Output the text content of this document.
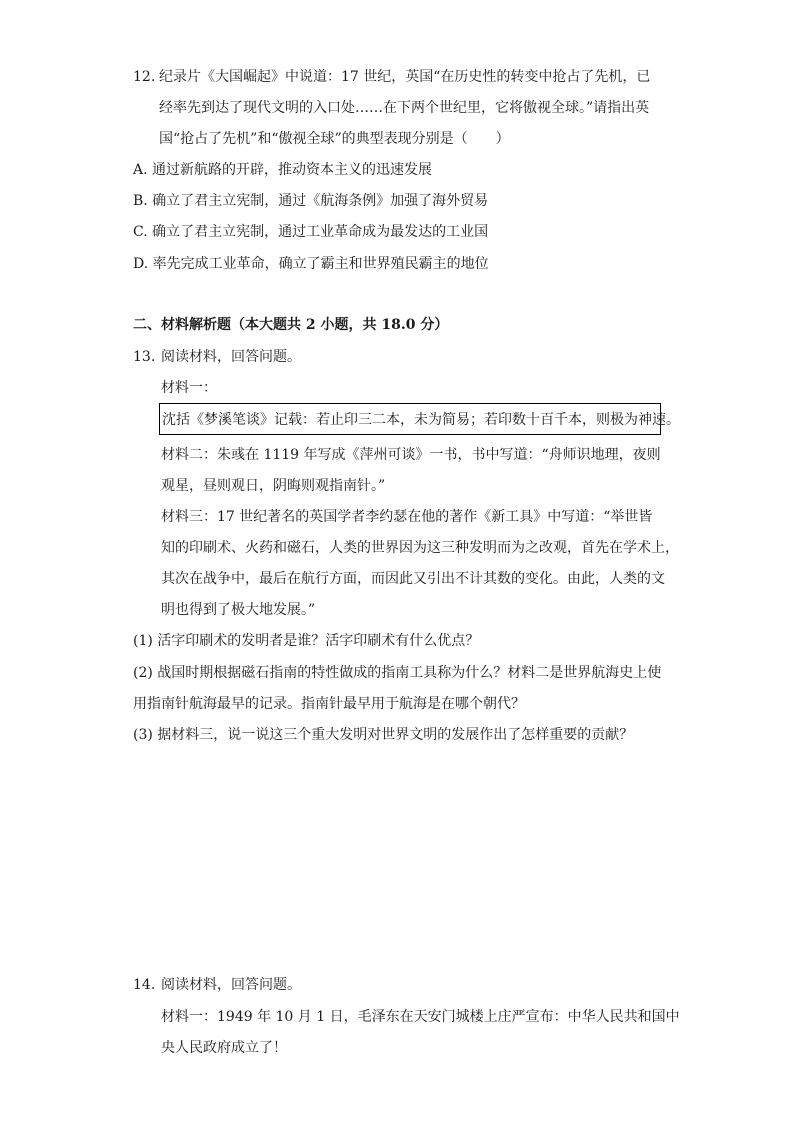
12. 纪录片《大国崛起》中说道：17 世纪，英国“在历史性的转变中抢占了先机，已
经率先到达了现代文明的入口处……在下两个世纪里，它将傲视全球。”请指出英
国“抢占了先机”和“傲视全球”的典型表现分别是（　　）
A. 通过新航路的开辟，推动资本主义的迅速发展
B. 确立了君主立宪制，通过《航海条例》加强了海外贸易
C. 确立了君主立宪制，通过工业革命成为最发达的工业国
D. 率先完成工业革命，确立了霸主和世界殖民霸主的地位
二、材料解析题（本大题共 2 小题，共 18.0 分）
13. 阅读材料，回答问题。
材料一：
沈括《梦溪笔谈》记载：若止印三二本，未为简易；若印数十百千本，则极为神速。
材料二：朱彧在 1119 年写成《萍州可谈》一书，书中写道：“舟师识地理，夜则
观星，昼则观日，阴晦则观指南针。”
材料三：17 世纪著名的英国学者李约瑟在他的著作《新工具》中写道：“举世皆
知的印刷术、火药和磁石，人类的世界因为这三种发明而为之改观，首先在学术上，
其次在战争中，最后在航行方面，而因此又引出不计其数的变化。由此，人类的文
明也得到了极大地发展。”
(1) 活字印刷术的发明者是谁？活字印刷术有什么优点？
(2) 战国时期根据磁石指南的特性做成的指南工具称为什么？材料二是世界航海史上使
用指南针航海最早的记录。指南针最早用于航海是在哪个朝代？
(3) 据材料三，说一说这三个重大发明对世界文明的发展作出了怎样重要的贡献？
14. 阅读材料，回答问题。
材料一：1949 年 10 月 1 日，毛泽东在天安门城楼上庄严宣布：中华人民共和国中
央人民政府成立了！
